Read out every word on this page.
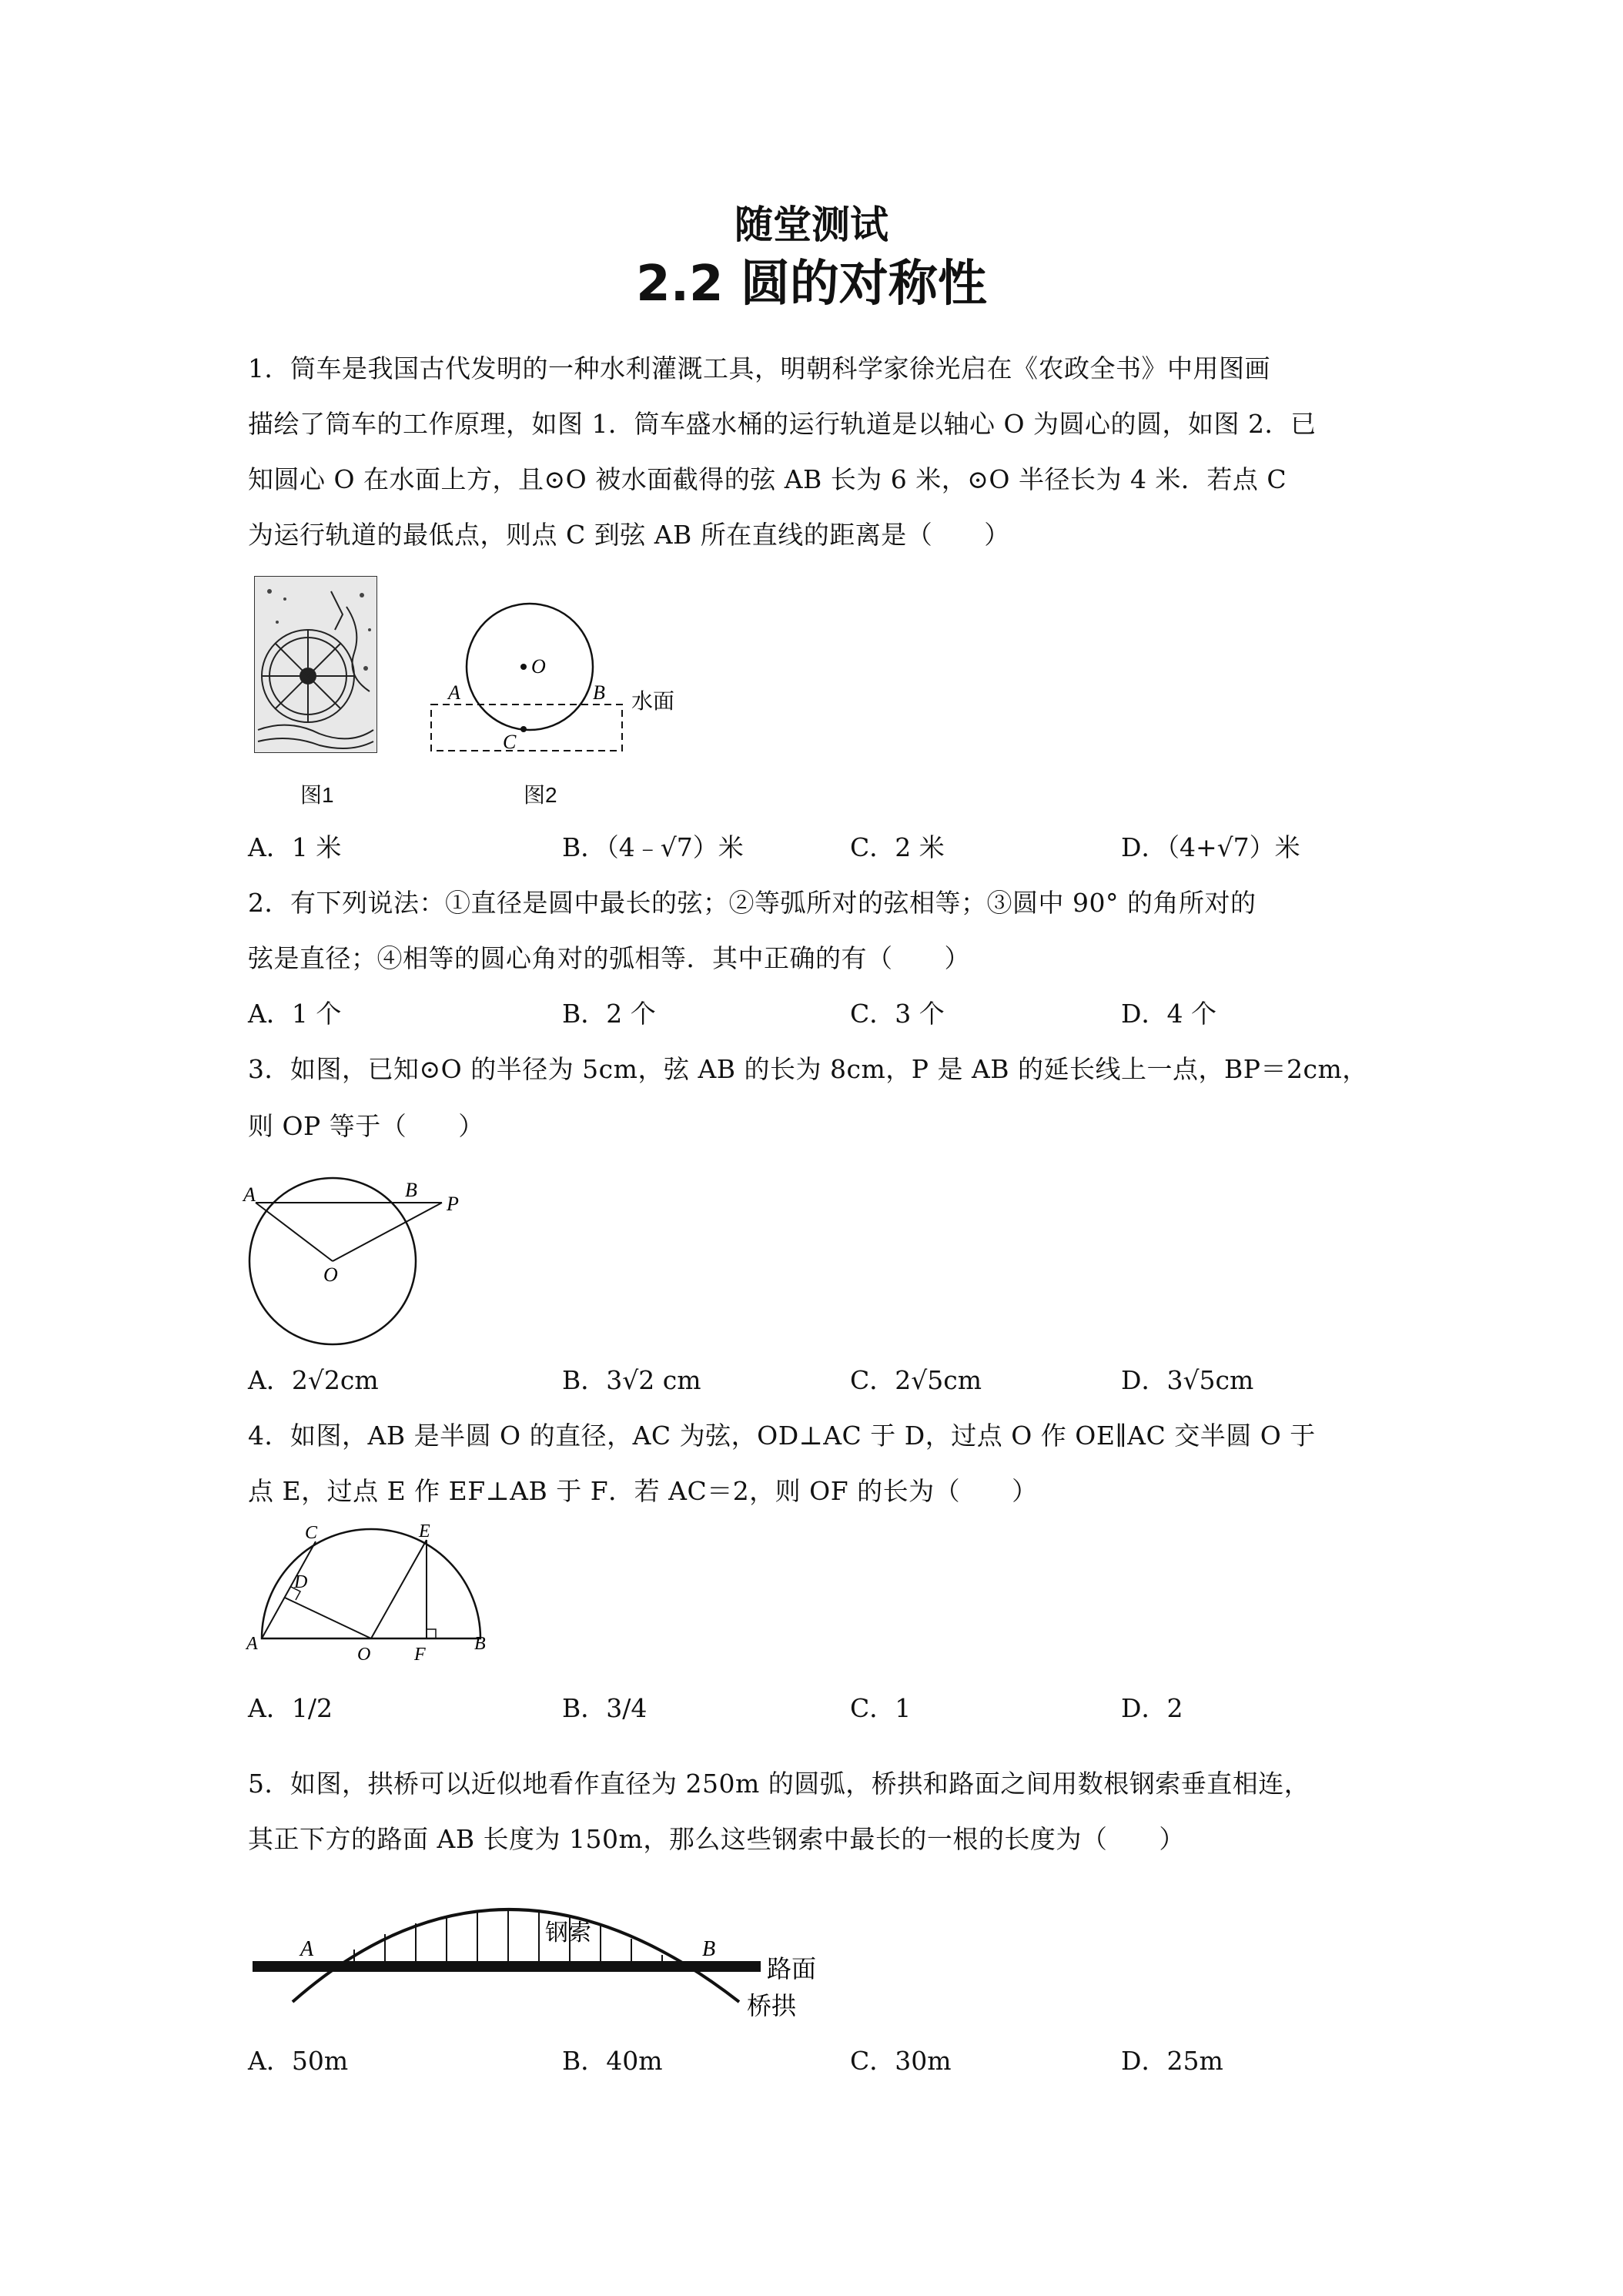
随堂测试
2.2 圆的对称性
1．筒车是我国古代发明的一种水利灌溉工具，明朝科学家徐光启在《农政全书》中用图画
描绘了筒车的工作原理，如图 1．筒车盛水桶的运行轨道是以轴心 O 为圆心的圆，如图 2．已
知圆心 O 在水面上方，且⊙O 被水面截得的弦 AB 长为 6 米，⊙O 半径长为 4 米．若点 C
为运行轨道的最低点，则点 C 到弦 AB 所在直线的距离是（　　）
O
A	B
C
水面
图1	图2
A．1 米	B．（4﹣√7）米	C．2 米	D．（4+√7）米
2．有下列说法：①直径是圆中最长的弦；②等弧所对的弦相等；③圆中 90° 的角所对的
弦是直径；④相等的圆心角对的弧相等．其中正确的有（　　）
A．1 个	B．2 个	C．3 个	D．4 个
3．如图，已知⊙O 的半径为 5cm，弦 AB 的长为 8cm，P 是 AB 的延长线上一点，BP＝2cm，
则 OP 等于（　　）
A	B
P
O
A．2√2cm	B．3√2 cm	C．2√5cm	D．3√5cm
4．如图，AB 是半圆 O 的直径，AC 为弦，OD⊥AC 于 D，过点 O 作 OE∥AC 交半圆 O 于
点 E，过点 E 作 EF⊥AB 于 F．若 AC＝2，则 OF 的长为（　　）
A
C
D
E
O F
B
A．1/2	B．3/4	C．1	D．2
5．如图，拱桥可以近似地看作直径为 250m 的圆弧，桥拱和路面之间用数根钢索垂直相连，
其正下方的路面 AB 长度为 150m，那么这些钢索中最长的一根的长度为（　　）
A	B
钢索
路面
桥拱
A．50m	B．40m	C．30m	D．25m
